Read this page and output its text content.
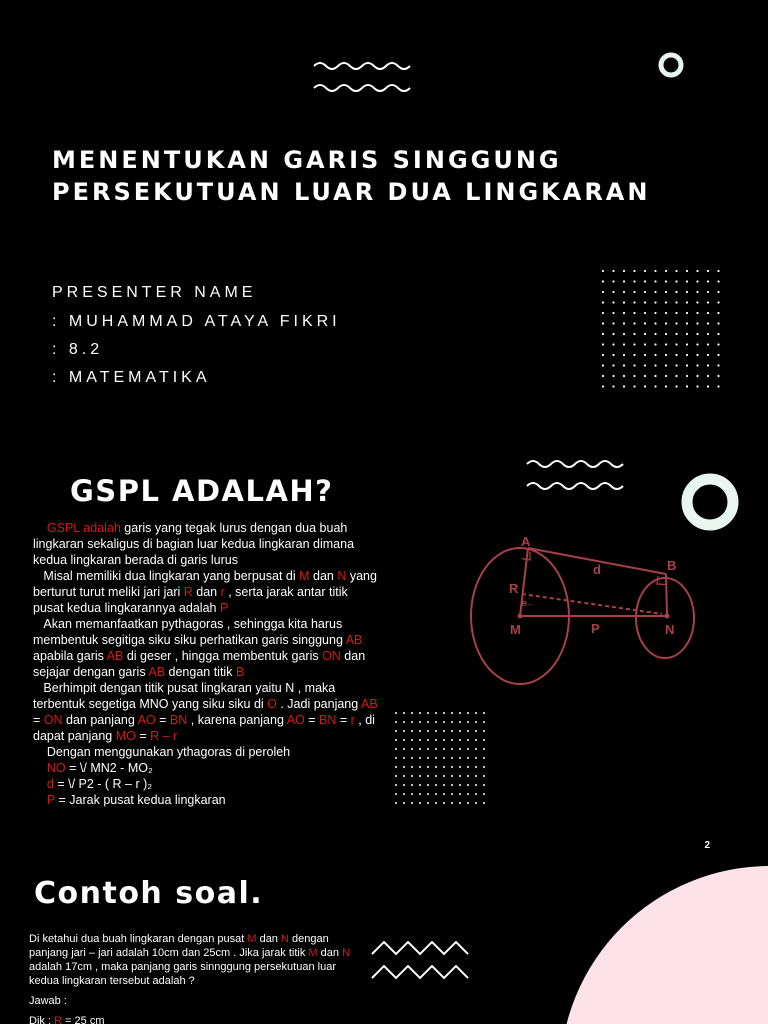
MENENTUKAN GARIS SINGGUNG
PERSEKUTUAN LUAR DUA LINGKARAN
PRESENTER NAME
: MUHAMMAD ATAYA FIKRI
: 8.2
: MATEMATIKA
GSPL ADALAH?

GSPL adalah garis yang tegak lurus dengan dua buah lingkaran sekaligus di bagian luar kedua lingkaran dimana kedua lingkaran berada di garis lurus

Misal memiliki dua lingkaran yang berpusat di M dan N yang berturut turut meliki jari jari R dan r , serta jarak antar titik pusat kedua lingkarannya adalah P

Akan memanfaatkan pythagoras , sehingga kita harus membentuk segitiga siku siku perhatikan garis singgung AB apabila garis AB di geser , hingga membentuk garis ON dan sejajar dengan garis AB dengan titik B

Berhimpit dengan titik pusat lingkaran yaitu N , maka terbentuk segetiga MNO yang siku siku di O . Jadi panjang AB = ON dan panjang AO = BN , karena panjang AO = BN = r , di dapat panjang MO = R – r

Dengan menggunakan ythagoras di peroleh

NO = \/ MN2 - MO₂

d = \/ P2 - ( R – r )₂

P = Jarak pusat kedua lingkaran

A
B
d
R
R↔
M	P	N
2
Contoh soal.

Di ketahui dua buah lingkaran dengan pusat M dan N dengan panjang jari – jari adalah 10cm dan 25cm . Jika jarak titik M dan N adalah 17cm , maka panjang garis sinnggung persekutuan luar kedua lingkaran tersebut adalah ?

Jawab :

Dik : R = 25 cm
